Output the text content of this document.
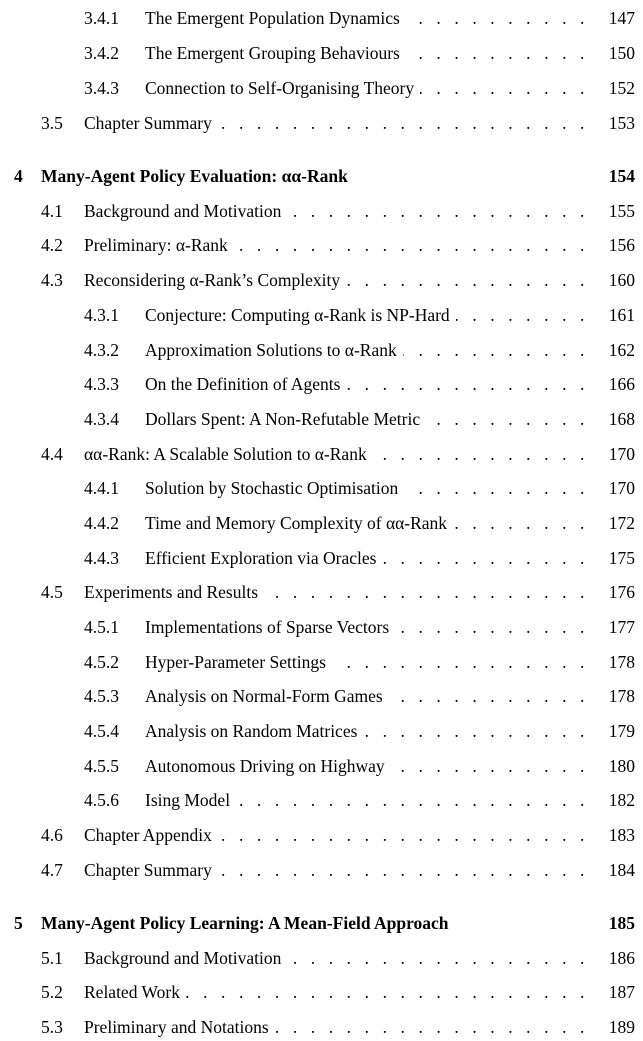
3.4.1 The Emergent Population Dynamics . . .	147
3.4.2 The Emergent Grouping Behaviours . . .	150
3.4.3 Connection to Self-Organising Theory . . .	152
3.5 Chapter Summary . . .	153
4 Many-Agent Policy Evaluation: αα-Rank	154
4.1 Background and Motivation . . .	155
4.2 Preliminary: α-Rank . . .	156
4.3 Reconsidering α-Rank’s Complexity . . .	160
4.3.1 Conjecture: Computing α-Rank is NP-Hard . . .	161
4.3.2 Approximation Solutions to α-Rank . . .	162
4.3.3 On the Definition of Agents . . .	166
4.3.4 Dollars Spent: A Non-Refutable Metric . . .	168
4.4 αα-Rank: A Scalable Solution to α-Rank . . .	170
4.4.1 Solution by Stochastic Optimisation . . .	170
4.4.2 Time and Memory Complexity of αα-Rank . . .	172
4.4.3 Efficient Exploration via Oracles . . .	175
4.5 Experiments and Results . . .	176
4.5.1 Implementations of Sparse Vectors . . .	177
4.5.2 Hyper-Parameter Settings . . .	178
4.5.3 Analysis on Normal-Form Games . . .	178
4.5.4 Analysis on Random Matrices . . .	179
4.5.5 Autonomous Driving on Highway . . .	180
4.5.6 Ising Model . . .	182
4.6 Chapter Appendix . . .	183
4.7 Chapter Summary . . .	184
5 Many-Agent Policy Learning: A Mean-Field Approach	185
5.1 Background and Motivation . . .	186
5.2 Related Work . . .	187
5.3 Preliminary and Notations . . .	189
